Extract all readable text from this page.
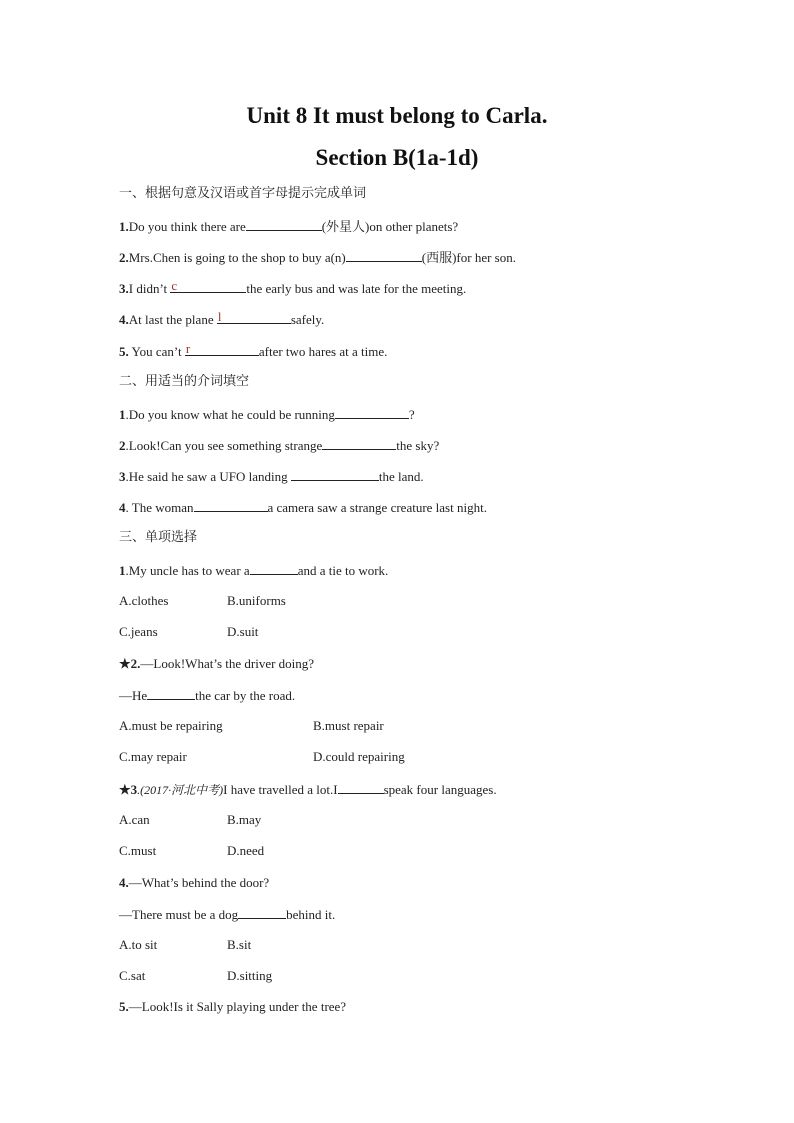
Unit 8 It must belong to Carla.
Section B(1a-1d)
一、根据句意及汉语或首字母提示完成单词
1.Do you think there are	(外星人)on other planets?
2.Mrs.Chen is going to the shop to buy a(n)	(西服)for her son.
3.I didn’t c	the early bus and was late for the meeting.
4.At last the plane l	safely.
5. You can’t r	after two hares at a time.
二、用适当的介词填空
1.Do you know what he could be running	?
2.Look!Can you see something strange	the sky?
3.He said he saw a UFO landing	the land.
4. The woman	a camera saw a strange creature last night.
三、单项选择
1.My uncle has to wear a	and a tie to work.
A.clothes	B.uniforms
C.jeans	D.suit
★2.—Look!What’s the driver doing?
—He	the car by the road.
A.must be repairing	B.must repair
C.may repair	D.could repairing
★3.(2017·河北中考)I have travelled a lot.I	speak four languages.
A.can	B.may
C.must	D.need
4.—What’s behind the door?
—There must be a dog	behind it.
A.to sit	B.sit
C.sat	D.sitting
5.—Look!Is it Sally playing under the tree?
